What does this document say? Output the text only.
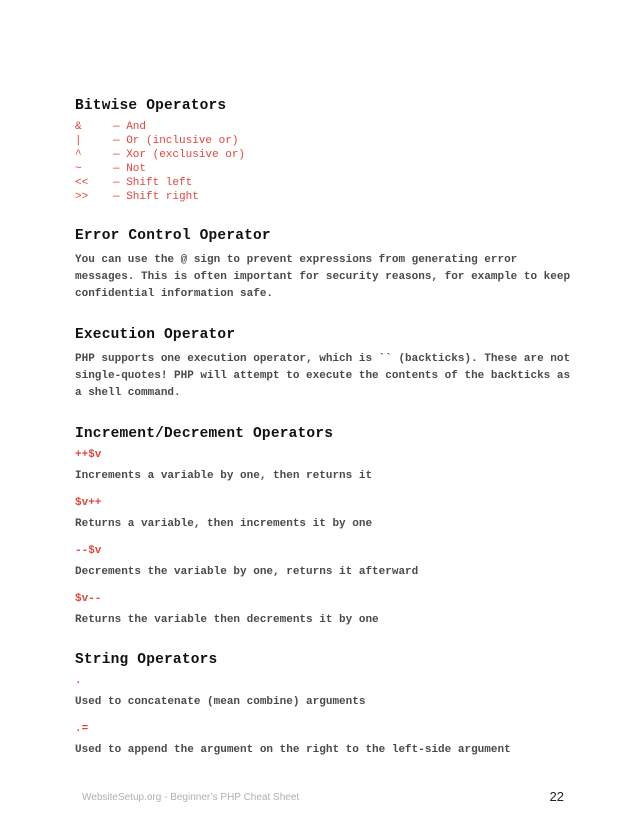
Bitwise Operators
&	— And
|	— Or (inclusive or)
^	— Xor (exclusive or)
~	— Not
<<	— Shift left
>>	— Shift right
Error Control Operator
You can use the @ sign to prevent expressions from generating error messages. This is often important for security reasons, for example to keep confidential information safe.
Execution Operator
PHP supports one execution operator, which is `` (backticks). These are not single-quotes! PHP will attempt to execute the contents of the backticks as a shell command.
Increment/Decrement Operators
++$v
Increments a variable by one, then returns it
$v++
Returns a variable, then increments it by one
--$v
Decrements the variable by one, returns it afterward
$v--
Returns the variable then decrements it by one
String Operators
.
Used to concatenate (mean combine) arguments
.=
Used to append the argument on the right to the left-side argument
WebsiteSetup.org - Beginner’s PHP Cheat Sheet	22
